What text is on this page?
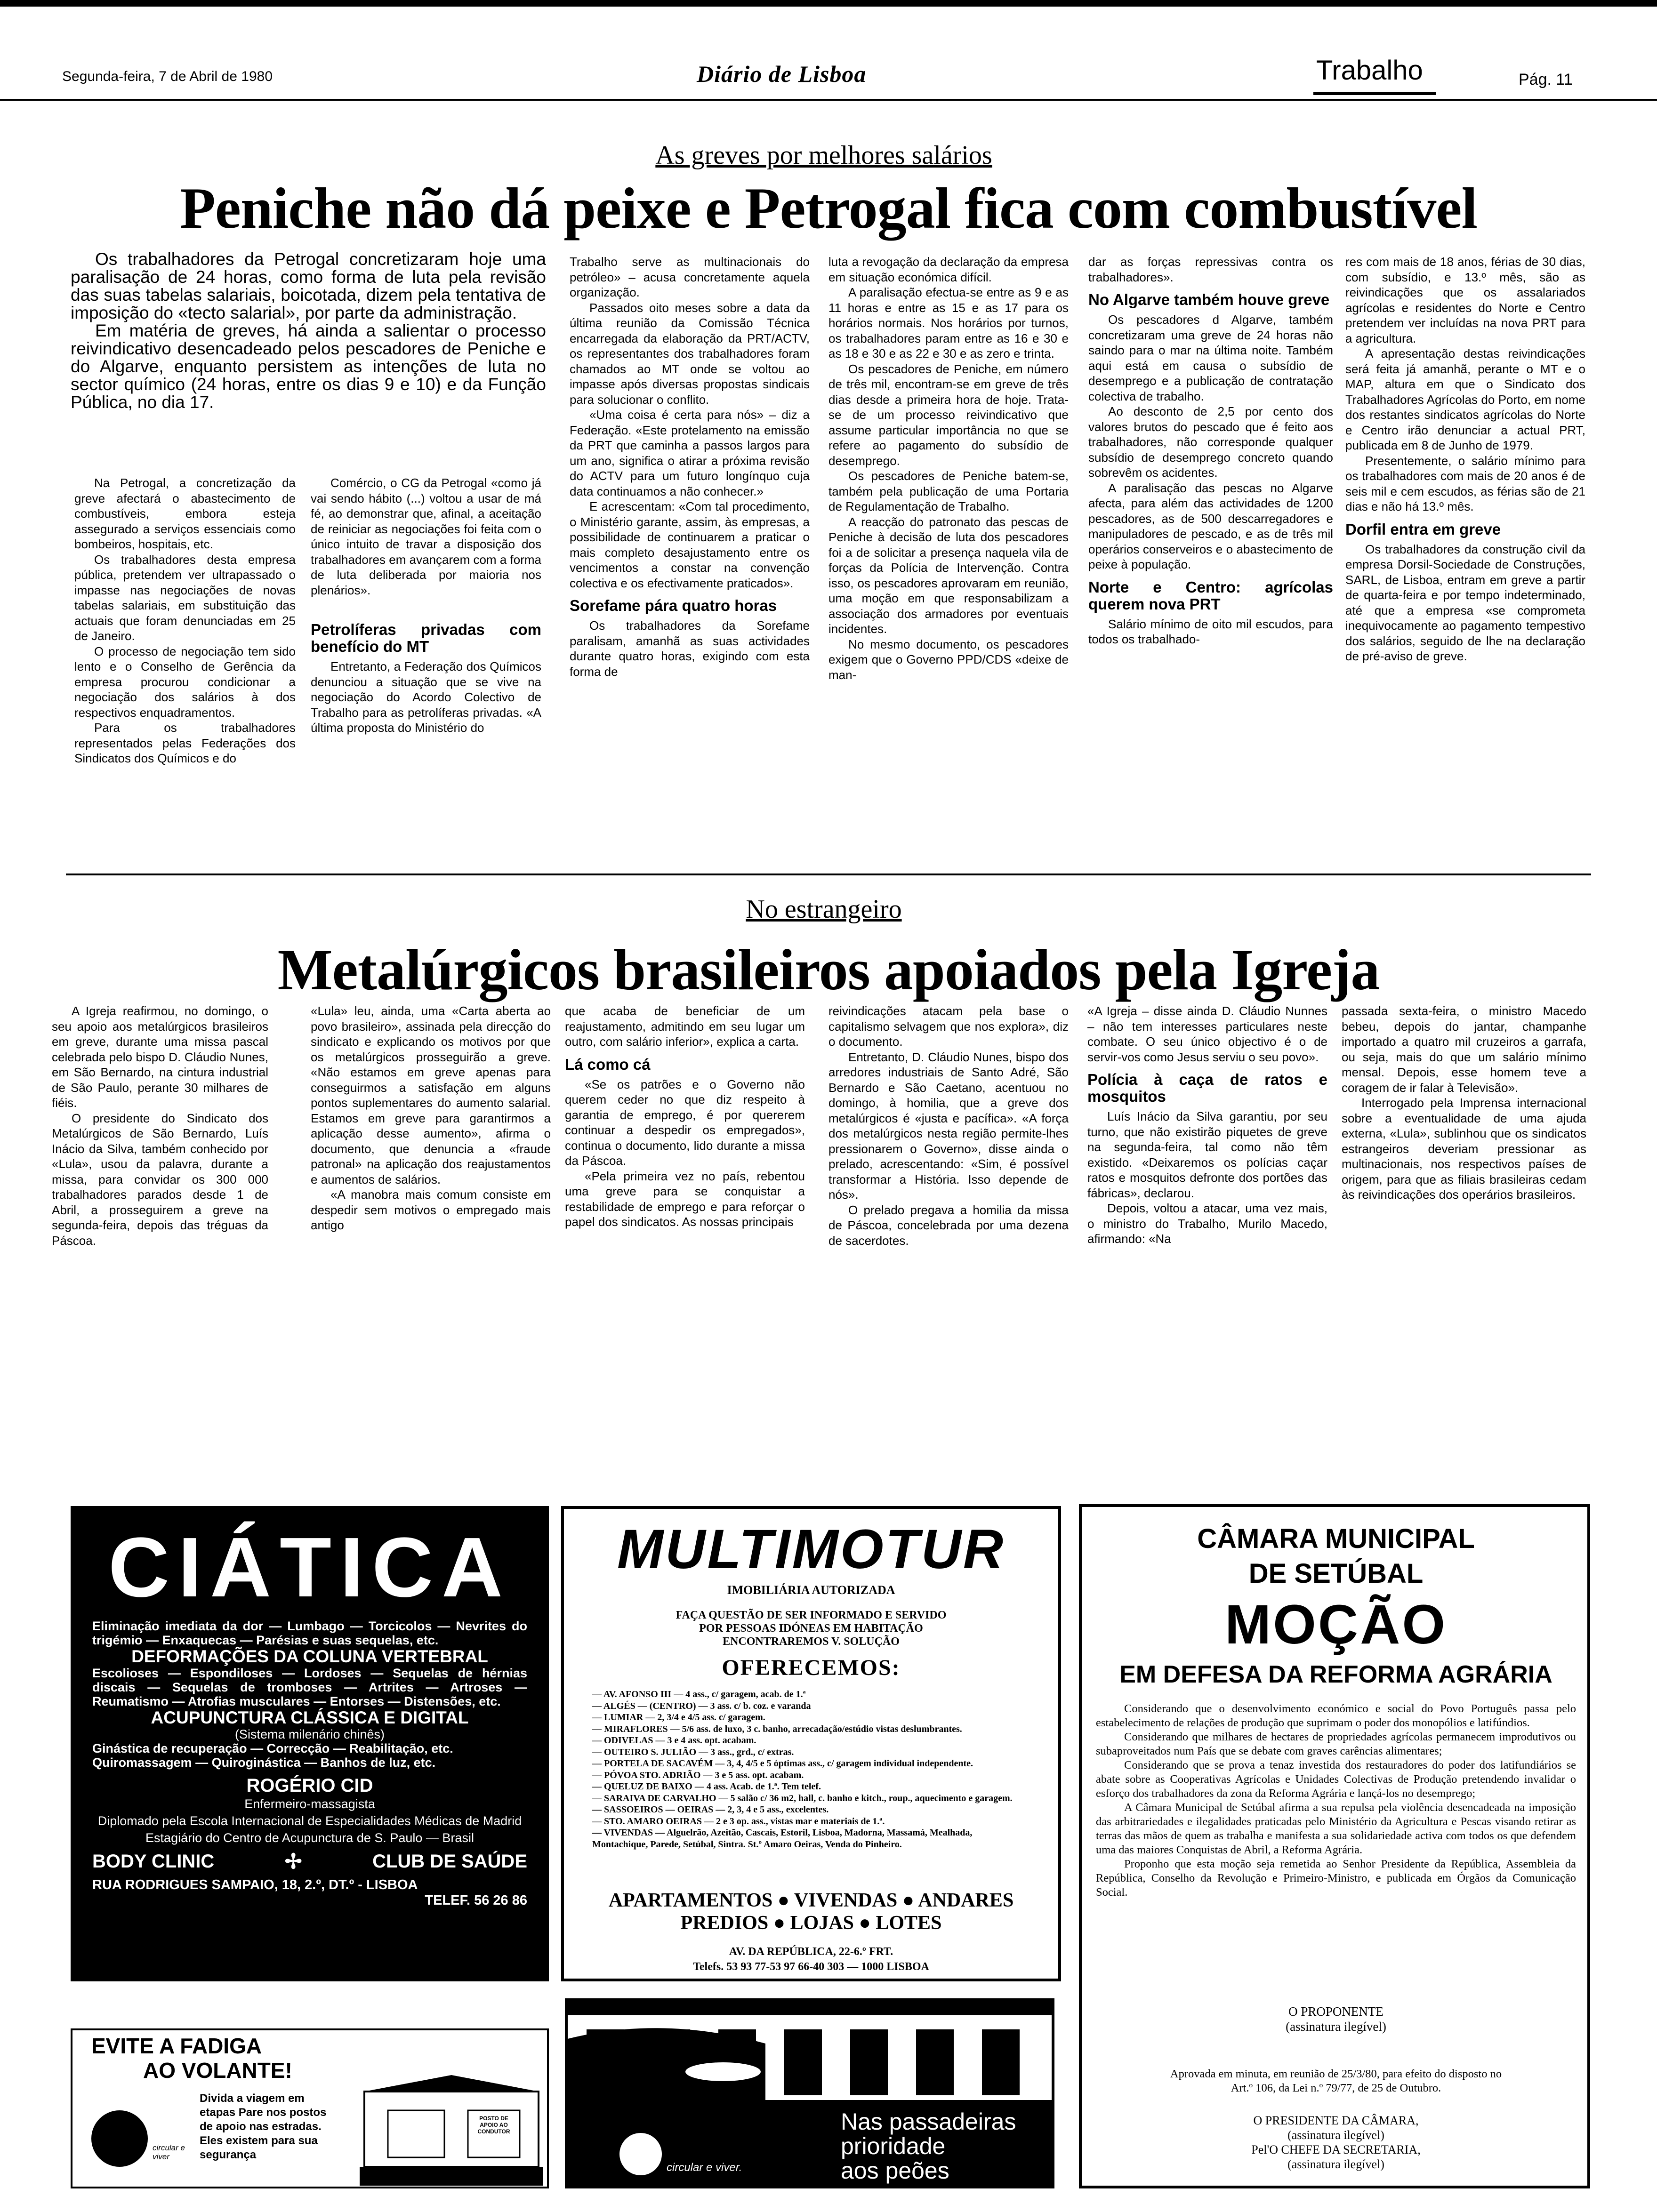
Segunda-feira, 7 de Abril de 1980	Diário de Lisboa	Trabalho	Pág. 11
As greves por melhores salários
Peniche não dá peixe e Petrogal fica com combustível

Os trabalhadores da Petrogal concretizaram hoje uma paralisação de 24 horas, como forma de luta pela revisão das suas tabelas salariais, boicotada, dizem pela tentativa de imposição do «tecto salarial», por parte da administração.

Em matéria de greves, há ainda a salientar o processo reivindicativo desencadeado pelos pescadores de Peniche e do Algarve, enquanto persistem as intenções de luta no sector químico (24 horas, entre os dias 9 e 10) e da Função Pública, no dia 17.

Na Petrogal, a concretização da greve afectará o abastecimento de combustíveis, embora esteja assegurado a serviços essenciais como bombeiros, hospitais, etc.

Os trabalhadores desta empresa pública, pretendem ver ultrapassado o impasse nas negociações de novas tabelas salariais, em substituição das actuais que foram denunciadas em 25 de Janeiro.

O processo de negociação tem sido lento e o Conselho de Gerência da empresa procurou condicionar a negociação dos salários à dos respectivos enquadramentos.

Para os trabalhadores representados pelas Federações dos Sindicatos dos Químicos e do

Comércio, o CG da Petrogal «como já vai sendo hábito (...) voltou a usar de má fé, ao demonstrar que, afinal, a aceitação de reiniciar as negociações foi feita com o único intuito de travar a disposição dos trabalhadores em avançarem com a forma de luta deliberada por maioria nos plenários».

Petrolíferas privadas com benefício do MT

Entretanto, a Federação dos Químicos denunciou a situação que se vive na negociação do Acordo Colectivo de Trabalho para as petrolíferas privadas. «A última proposta do Ministério do

Trabalho serve as multinacionais do petróleo» – acusa concretamente aquela organização.

Passados oito meses sobre a data da última reunião da Comissão Técnica encarregada da elaboração da PRT/ACTV, os representantes dos trabalhadores foram chamados ao MT onde se voltou ao impasse após diversas propostas sindicais para solucionar o conflito.

«Uma coisa é certa para nós» – diz a Federação. «Este protelamento na emissão da PRT que caminha a passos largos para um ano, significa o atirar a próxima revisão do ACTV para um futuro longínquo cuja data continuamos a não conhecer.»

E acrescentam: «Com tal procedimento, o Ministério garante, assim, às empresas, a possibilidade de continuarem a praticar o mais completo desajustamento entre os vencimentos a constar na convenção colectiva e os efectivamente praticados».

Sorefame pára quatro horas

Os trabalhadores da Sorefame paralisam, amanhã as suas actividades durante quatro horas, exigindo com esta forma de

luta a revogação da declaração da empresa em situação económica difícil.

A paralisação efectua-se entre as 9 e as 11 horas e entre as 15 e as 17 para os horários normais. Nos horários por turnos, os trabalhadores param entre as 16 e 30 e as 18 e 30 e as 22 e 30 e as zero e trinta.

Os pescadores de Peniche, em número de três mil, encontram-se em greve de três dias desde a primeira hora de hoje. Trata-se de um processo reivindicativo que assume particular importância no que se refere ao pagamento do subsídio de desemprego.

Os pescadores de Peniche batem-se, também pela publicação de uma Portaria de Regulamentação de Trabalho.

A reacção do patronato das pescas de Peniche à decisão de luta dos pescadores foi a de solicitar a presença naquela vila de forças da Polícia de Intervenção. Contra isso, os pescadores aprovaram em reunião, uma moção em que responsabilizam a associação dos armadores por eventuais incidentes.

No mesmo documento, os pescadores exigem que o Governo PPD/CDS «deixe de man-

dar as forças repressivas contra os trabalhadores».

No Algarve também houve greve

Os pescadores d Algarve, também concretizaram uma greve de 24 horas não saindo para o mar na última noite. Também aqui está em causa o subsídio de desemprego e a publicação de contratação colectiva de trabalho.

Ao desconto de 2,5 por cento dos valores brutos do pescado que é feito aos trabalhadores, não corresponde qualquer subsídio de desemprego concreto quando sobrevêm os acidentes.

A paralisação das pescas no Algarve afecta, para além das actividades de 1200 pescadores, as de 500 descarregadores e manipuladores de pescado, e as de três mil operários conserveiros e o abastecimento de peixe à população.

Norte e Centro: agrícolas querem nova PRT

Salário mínimo de oito mil escudos, para todos os trabalhado-

res com mais de 18 anos, férias de 30 dias, com subsídio, e 13.º mês, são as reivindicações que os assalariados agrícolas e residentes do Norte e Centro pretendem ver incluídas na nova PRT para a agricultura.

A apresentação destas reivindicações será feita já amanhã, perante o MT e o MAP, altura em que o Sindicato dos Trabalhadores Agrícolas do Porto, em nome dos restantes sindicatos agrícolas do Norte e Centro irão denunciar a actual PRT, publicada em 8 de Junho de 1979.

Presentemente, o salário mínimo para os trabalhadores com mais de 20 anos é de seis mil e cem escudos, as férias são de 21 dias e não há 13.º mês.

Dorfil entra em greve

Os trabalhadores da construção civil da empresa Dorsil-Sociedade de Construções, SARL, de Lisboa, entram em greve a partir de quarta-feira e por tempo indeterminado, até que a empresa «se comprometa inequivocamente ao pagamento tempestivo dos salários, seguido de lhe na declaração de pré-aviso de greve.

No estrangeiro
Metalúrgicos brasileiros apoiados pela Igreja

A Igreja reafirmou, no domingo, o seu apoio aos metalúrgicos brasileiros em greve, durante uma missa pascal celebrada pelo bispo D. Cláudio Nunes, em São Bernardo, na cintura industrial de São Paulo, perante 30 milhares de fiéis.

O presidente do Sindicato dos Metalúrgicos de São Bernardo, Luís Inácio da Silva, também conhecido por «Lula», usou da palavra, durante a missa, para convidar os 300 000 trabalhadores parados desde 1 de Abril, a prosseguirem a greve na segunda-feira, depois das tréguas da Páscoa.

«Lula» leu, ainda, uma «Carta aberta ao povo brasileiro», assinada pela direcção do sindicato e explicando os motivos por que os metalúrgicos prosseguirão a greve. «Não estamos em greve apenas para conseguirmos a satisfação em alguns pontos suplementares do aumento salarial. Estamos em greve para garantirmos a aplicação desse aumento», afirma o documento, que denuncia a «fraude patronal» na aplicação dos reajustamentos e aumentos de salários.

«A manobra mais comum consiste em despedir sem motivos o empregado mais antigo

que acaba de beneficiar de um reajustamento, admitindo em seu lugar um outro, com salário inferior», explica a carta.

Lá como cá

«Se os patrões e o Governo não querem ceder no que diz respeito à garantia de emprego, é por quererem continuar a despedir os empregados», continua o documento, lido durante a missa da Páscoa.

«Pela primeira vez no país, rebentou uma greve para se conquistar a restabilidade de emprego e para reforçar o papel dos sindicatos. As nossas principais

reivindicações atacam pela base o capitalismo selvagem que nos explora», diz o documento.

Entretanto, D. Cláudio Nunes, bispo dos arredores industriais de Santo Adré, São Bernardo e São Caetano, acentuou no domingo, à homilia, que a greve dos metalúrgicos é «justa e pacífica». «A força dos metalúrgicos nesta região permite-lhes pressionarem o Governo», disse ainda o prelado, acrescentando: «Sim, é possível transformar a História. Isso depende de nós».

O prelado pregava a homilia da missa de Páscoa, concelebrada por uma dezena de sacerdotes.

«A Igreja – disse ainda D. Cláudio Nunnes – não tem interesses particulares neste combate. O seu único objectivo é o de servir-vos como Jesus serviu o seu povo».

Polícia à caça de ratos e mosquitos

Luís Inácio da Silva garantiu, por seu turno, que não existirão piquetes de greve na segunda-feira, tal como não têm existido. «Deixaremos os polícias caçar ratos e mosquitos defronte dos portões das fábricas», declarou.

Depois, voltou a atacar, uma vez mais, o ministro do Trabalho, Murilo Macedo, afirmando: «Na

passada sexta-feira, o ministro Macedo bebeu, depois do jantar, champanhe importado a quatro mil cruzeiros a garrafa, ou seja, mais do que um salário mínimo mensal. Depois, esse homem teve a coragem de ir falar à Televisão».

Interrogado pela Imprensa internacional sobre a eventualidade de uma ajuda externa, «Lula», sublinhou que os sindicatos estrangeiros deveriam pressionar as multinacionais, nos respectivos países de origem, para que as filiais brasileiras cedam às reivindicações dos operários brasileiros.

CIÁTICA
Eliminação imediata da dor — Lumbago — Torcicolos — Nevrites do trigémio — Enxaquecas — Parésias e suas sequelas, etc.
DEFORMAÇÕES DA COLUNA VERTEBRAL
Escolioses — Espondiloses — Lordoses — Sequelas de hérnias discais — Sequelas de tromboses — Artrites — Artroses — Reumatismo — Atrofias musculares — Entorses — Distensões, etc.
ACUPUNCTURA CLÁSSICA E DIGITAL
(Sistema milenário chinês)
Ginástica de recuperação — Correcção — Reabilitação, etc.
Quiromassagem — Quiroginástica — Banhos de luz, etc.
ROGÉRIO CID
Enfermeiro-massagista
Diplomado pela Escola Internacional de Especialidades Médicas de Madrid
Estagiário do Centro de Acupunctura de S. Paulo — Brasil
BODY CLINIC	✢	CLUB DE SAÚDE
RUA RODRIGUES SAMPAIO, 18, 2.º, DT.º - LISBOA
TELEF. 56 26 86
EVITE A FADIGA
AO VOLANTE!
Divida a viagem em etapas Pare nos postos de apoio nas estradas. Eles existem para sua segurança
POSTO DE APOIO AO CONDUTOR
circular e viver
MULTIMOTUR
IMOBILIÁRIA AUTORIZADA
FAÇA QUESTÃO DE SER INFORMADO E SERVIDO POR PESSOAS IDÓNEAS EM HABITAÇÃO ENCONTRAREMOS V. SOLUÇÃO
OFERECEMOS:
— AV. AFONSO III — 4 ass., c/ garagem, acab. de 1.ª
— ALGÉS — (CENTRO) — 3 ass. c/ b. coz. e varanda
— LUMIAR — 2, 3/4 e 4/5 ass. c/ garagem.
— MIRAFLORES — 5/6 ass. de luxo, 3 c. banho, arrecadação/estúdio vistas deslumbrantes.
— ODIVELAS — 3 e 4 ass. opt. acabam.
— OUTEIRO S. JULIÃO — 3 ass., grd., c/ extras.
— PORTELA DE SACAVÉM — 3, 4, 4/5 e 5 óptimas ass., c/ garagem individual independente.
— PÓVOA STO. ADRIÃO — 3 e 5 ass. opt. acabam.
— QUELUZ DE BAIXO — 4 ass. Acab. de 1.ª. Tem telef.
— SARAIVA DE CARVALHO — 5 salão c/ 36 m2, hall, c. banho e kitch., roup., aquecimento e garagem.
— SASSOEIROS — OEIRAS — 2, 3, 4 e 5 ass., excelentes.
— STO. AMARO OEIRAS — 2 e 3 op. ass., vistas mar e materiais de 1.ª.
— VIVENDAS — Alguelrão, Azeitão, Cascais, Estoril, Lisboa, Madorna, Massamá, Mealhada, Montachique, Parede, Setúbal, Sintra. St.º Amaro Oeiras, Venda do Pinheiro.
APARTAMENTOS ● VIVENDAS ● ANDARES
PREDIOS ● LOJAS ● LOTES
AV. DA REPÚBLICA, 22-6.º FRT.
Telefs. 53 93 77-53 97 66-40 303 — 1000 LISBOA
circular e viver.
Nas passadeiras
prioridade
aos peões
CÂMARA MUNICIPAL
DE SETÚBAL
MOÇÃO
EM DEFESA DA REFORMA AGRÁRIA

Considerando que o desenvolvimento económico e social do Povo Português passa pelo estabelecimento de relações de produção que suprimam o poder dos monopólios e latifúndios.

Considerando que milhares de hectares de propriedades agrícolas permanecem improdutivos ou subaproveitados num País que se debate com graves carências alimentares;

Considerando que se prova a tenaz investida dos restauradores do poder dos latifundiários se abate sobre as Cooperativas Agrícolas e Unidades Colectivas de Produção pretendendo invalidar o esforço dos trabalhadores da zona da Reforma Agrária e lançá-los no desemprego;

A Câmara Municipal de Setúbal afirma a sua repulsa pela violência desencadeada na imposição das arbitrariedades e ilegalidades praticadas pelo Ministério da Agricultura e Pescas visando retirar as terras das mãos de quem as trabalha e manifesta a sua solidariedade activa com todos os que defendem uma das maiores Conquistas de Abril, a Reforma Agrária.

Proponho que esta moção seja remetida ao Senhor Presidente da República, Assembleia da República, Conselho da Revolução e Primeiro-Ministro, e publicada em Órgãos da Comunicação Social.

O PROPONENTE
(assinatura ilegível)
Aprovada em minuta, em reunião de 25/3/80, para efeito do disposto no Art.º 106, da Lei n.º 79/77, de 25 de Outubro.
O PRESIDENTE DA CÂMARA,
(assinatura ilegível)
Pel'O CHEFE DA SECRETARIA,
(assinatura ilegível)
